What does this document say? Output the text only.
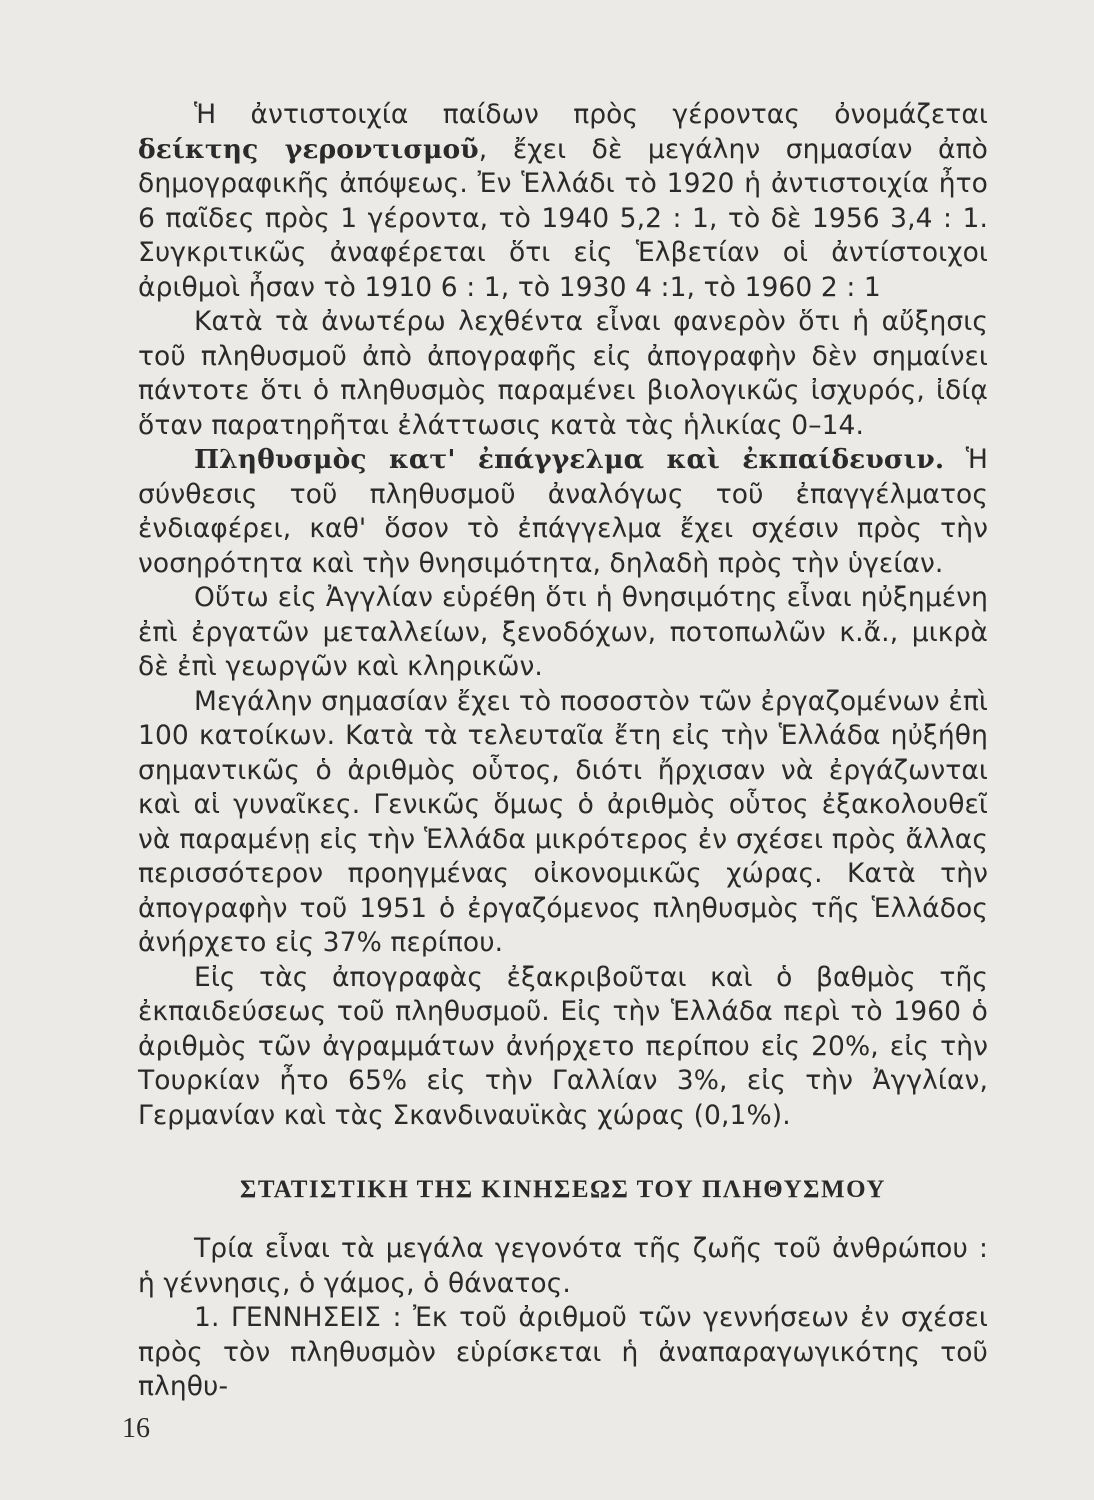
Ἡ ἀντιστοιχία παίδων πρὸς γέροντας ὀνομάζεται δείκτης γεροντισμοῦ, ἔχει δὲ μεγάλην σημασίαν ἀπὸ δημογραφικῆς ἀπόψεως. Ἐν Ἑλλάδι τὸ 1920 ἡ ἀντιστοιχία ἦτο 6 παῖδες πρὸς 1 γέροντα, τὸ 1940 5,2 : 1, τὸ δὲ 1956 3,4 : 1. Συγκριτικῶς ἀναφέρεται ὅτι εἰς Ἑλβετίαν οἱ ἀντίστοιχοι ἀριθμοὶ ἦσαν τὸ 1910 6 : 1, τὸ 1930 4 :1, τὸ 1960 2 : 1

Κατὰ τὰ ἀνωτέρω λεχθέντα εἶναι φανερὸν ὅτι ἡ αὔξησις τοῦ πληθυσμοῦ ἀπὸ ἀπογραφῆς εἰς ἀπογραφὴν δὲν σημαίνει πάντοτε ὅτι ὁ πληθυσμὸς παραμένει βιολογικῶς ἰσχυρός, ἰδίᾳ ὅταν παρατηρῆται ἐλάττωσις κατὰ τὰς ἡλικίας 0–14.

Πληθυσμὸς κατ' ἐπάγγελμα καὶ ἐκπαίδευσιν. Ἡ σύνθεσις τοῦ πληθυσμοῦ ἀναλόγως τοῦ ἐπαγγέλματος ἐνδιαφέρει, καθ' ὅσον τὸ ἐπάγγελμα ἔχει σχέσιν πρὸς τὴν νοσηρότητα καὶ τὴν θνησιμότητα, δηλαδὴ πρὸς τὴν ὑγείαν.

Οὕτω εἰς Ἀγγλίαν εὑρέθη ὅτι ἡ θνησιμότης εἶναι ηὐξημένη ἐπὶ ἐργατῶν μεταλλείων, ξενοδόχων, ποτοπωλῶν κ.ἄ., μικρὰ δὲ ἐπὶ γεωργῶν καὶ κληρικῶν.

Μεγάλην σημασίαν ἔχει τὸ ποσοστὸν τῶν ἐργαζομένων ἐπὶ 100 κατοίκων. Κατὰ τὰ τελευταῖα ἔτη εἰς τὴν Ἑλλάδα ηὐξήθη σημαντικῶς ὁ ἀριθμὸς οὗτος, διότι ἤρχισαν νὰ ἐργάζωνται καὶ αἱ γυναῖκες. Γενικῶς ὅμως ὁ ἀριθμὸς οὗτος ἐξακολουθεῖ νὰ παραμένῃ εἰς τὴν Ἑλλάδα μικρότερος ἐν σχέσει πρὸς ἄλλας περισσότερον προηγμένας οἰκονομικῶς χώρας. Κατὰ τὴν ἀπογραφὴν τοῦ 1951 ὁ ἐργαζόμενος πληθυσμὸς τῆς Ἑλλάδος ἀνήρχετο εἰς 37% περίπου.

Εἰς τὰς ἀπογραφὰς ἐξακριβοῦται καὶ ὁ βαθμὸς τῆς ἐκπαιδεύσεως τοῦ πληθυσμοῦ. Εἰς τὴν Ἑλλάδα περὶ τὸ 1960 ὁ ἀριθμὸς τῶν ἀγραμμάτων ἀνήρχετο περίπου εἰς 20%, εἰς τὴν Τουρκίαν ἦτο 65% εἰς τὴν Γαλλίαν 3%, εἰς τὴν Ἀγγλίαν, Γερμανίαν καὶ τὰς Σκανδιναυϊκὰς χώρας (0,1%).

ΣΤΑΤΙΣΤΙΚΗ ΤΗΣ ΚΙΝΗΣΕΩΣ ΤΟΥ ΠΛΗΘΥΣΜΟΥ

Τρία εἶναι τὰ μεγάλα γεγονότα τῆς ζωῆς τοῦ ἀνθρώπου : ἡ γέννησις, ὁ γάμος, ὁ θάνατος.

1. ΓΕΝΝΗΣΕΙΣ : Ἐκ τοῦ ἀριθμοῦ τῶν γεννήσεων ἐν σχέσει πρὸς τὸν πληθυσμὸν εὑρίσκεται ἡ ἀναπαραγωγικότης τοῦ πληθυ-

16
